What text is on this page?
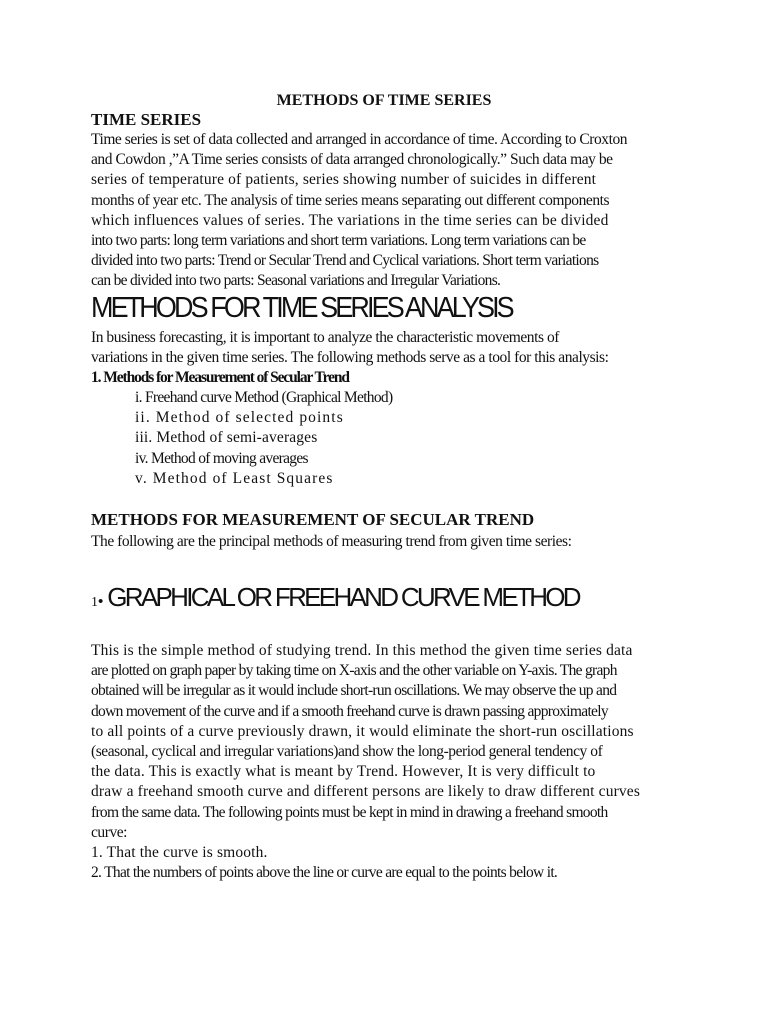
METHODS OF TIME SERIES
TIME SERIES
Time series is set of data collected and arranged in accordance of time. According to Croxton
and Cowdon ,”A Time series consists of data arranged chronologically.” Such data may be
series of temperature of patients, series showing number of suicides in different
months of year etc. The analysis of time series means separating out different components
which influences values of series. The variations in the time series can be divided
into two parts: long term variations and short term variations. Long term variations can be
divided into two parts: Trend or Secular Trend and Cyclical variations. Short term variations
can be divided into two parts: Seasonal variations and Irregular Variations.
METHODS FOR TIME SERIES ANALYSIS
In business forecasting, it is important to analyze the characteristic movements of
variations in the given time series. The following methods serve as a tool for this analysis:
1. Methods for Measurement of Secular Trend
i. Freehand curve Method (Graphical Method)
ii. Method of selected points
iii. Method of semi-averages
iv. Method of moving averages
v. Method of Least Squares
METHODS FOR MEASUREMENT OF SECULAR TREND
The following are the principal methods of measuring trend from given time series:
1• GRAPHICAL OR FREEHAND CURVE METHOD
This is the simple method of studying trend. In this method the given time series data
are plotted on graph paper by taking time on X-axis and the other variable on Y-axis. The graph
obtained will be irregular as it would include short-run oscillations. We may observe the up and
down movement of the curve and if a smooth freehand curve is drawn passing approximately
to all points of a curve previously drawn, it would eliminate the short-run oscillations
(seasonal, cyclical and irregular variations)and show the long-period general tendency of
the data. This is exactly what is meant by Trend. However, It is very difficult to
draw a freehand smooth curve and different persons are likely to draw different curves
from the same data. The following points must be kept in mind in drawing a freehand smooth
curve:
1. That the curve is smooth.
2. That the numbers of points above the line or curve are equal to the points below it.
